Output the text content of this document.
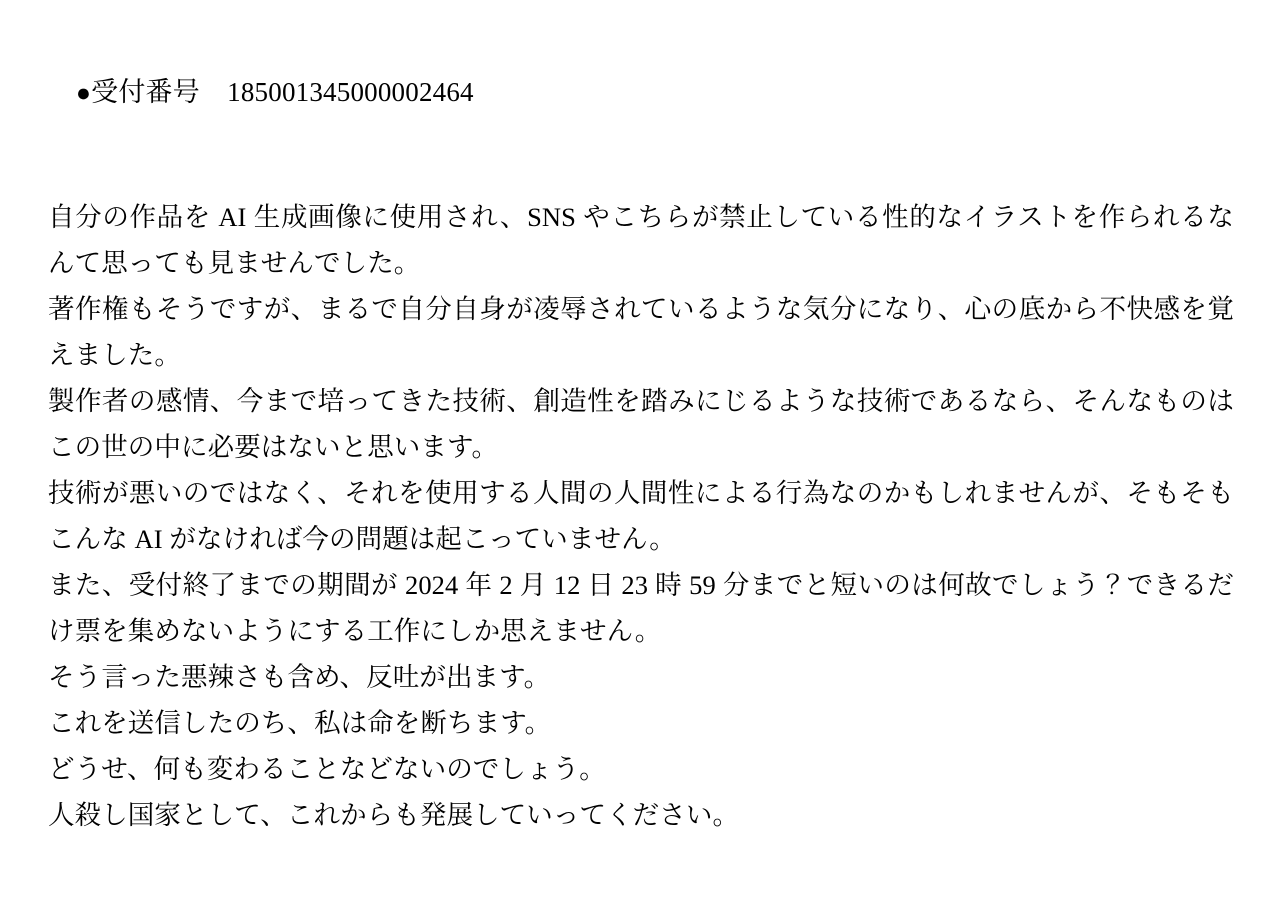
●受付番号　 185001345000002464

自分の作品を AI 生成画像に使用され、SNS やこちらが禁止している性的なイラストを作られるなんて思っても見ませんでした。

著作権もそうですが、まるで自分自身が凌辱されているような気分になり、心の底から不快感を覚えました。

製作者の感情、今まで培ってきた技術、創造性を踏みにじるような技術であるなら、そんなものはこの世の中に必要はないと思います。

技術が悪いのではなく、それを使用する人間の人間性による行為なのかもしれませんが、そもそもこんな AI がなければ今の問題は起こっていません。

また、受付終了までの期間が 2024 年 2 月 12 日 23 時 59 分までと短いのは何故でしょう？できるだけ票を集めないようにする工作にしか思えません。

そう言った悪辣さも含め、反吐が出ます。

これを送信したのち、私は命を断ちます。

どうせ、何も変わることなどないのでしょう。

人殺し国家として、これからも発展していってください。
